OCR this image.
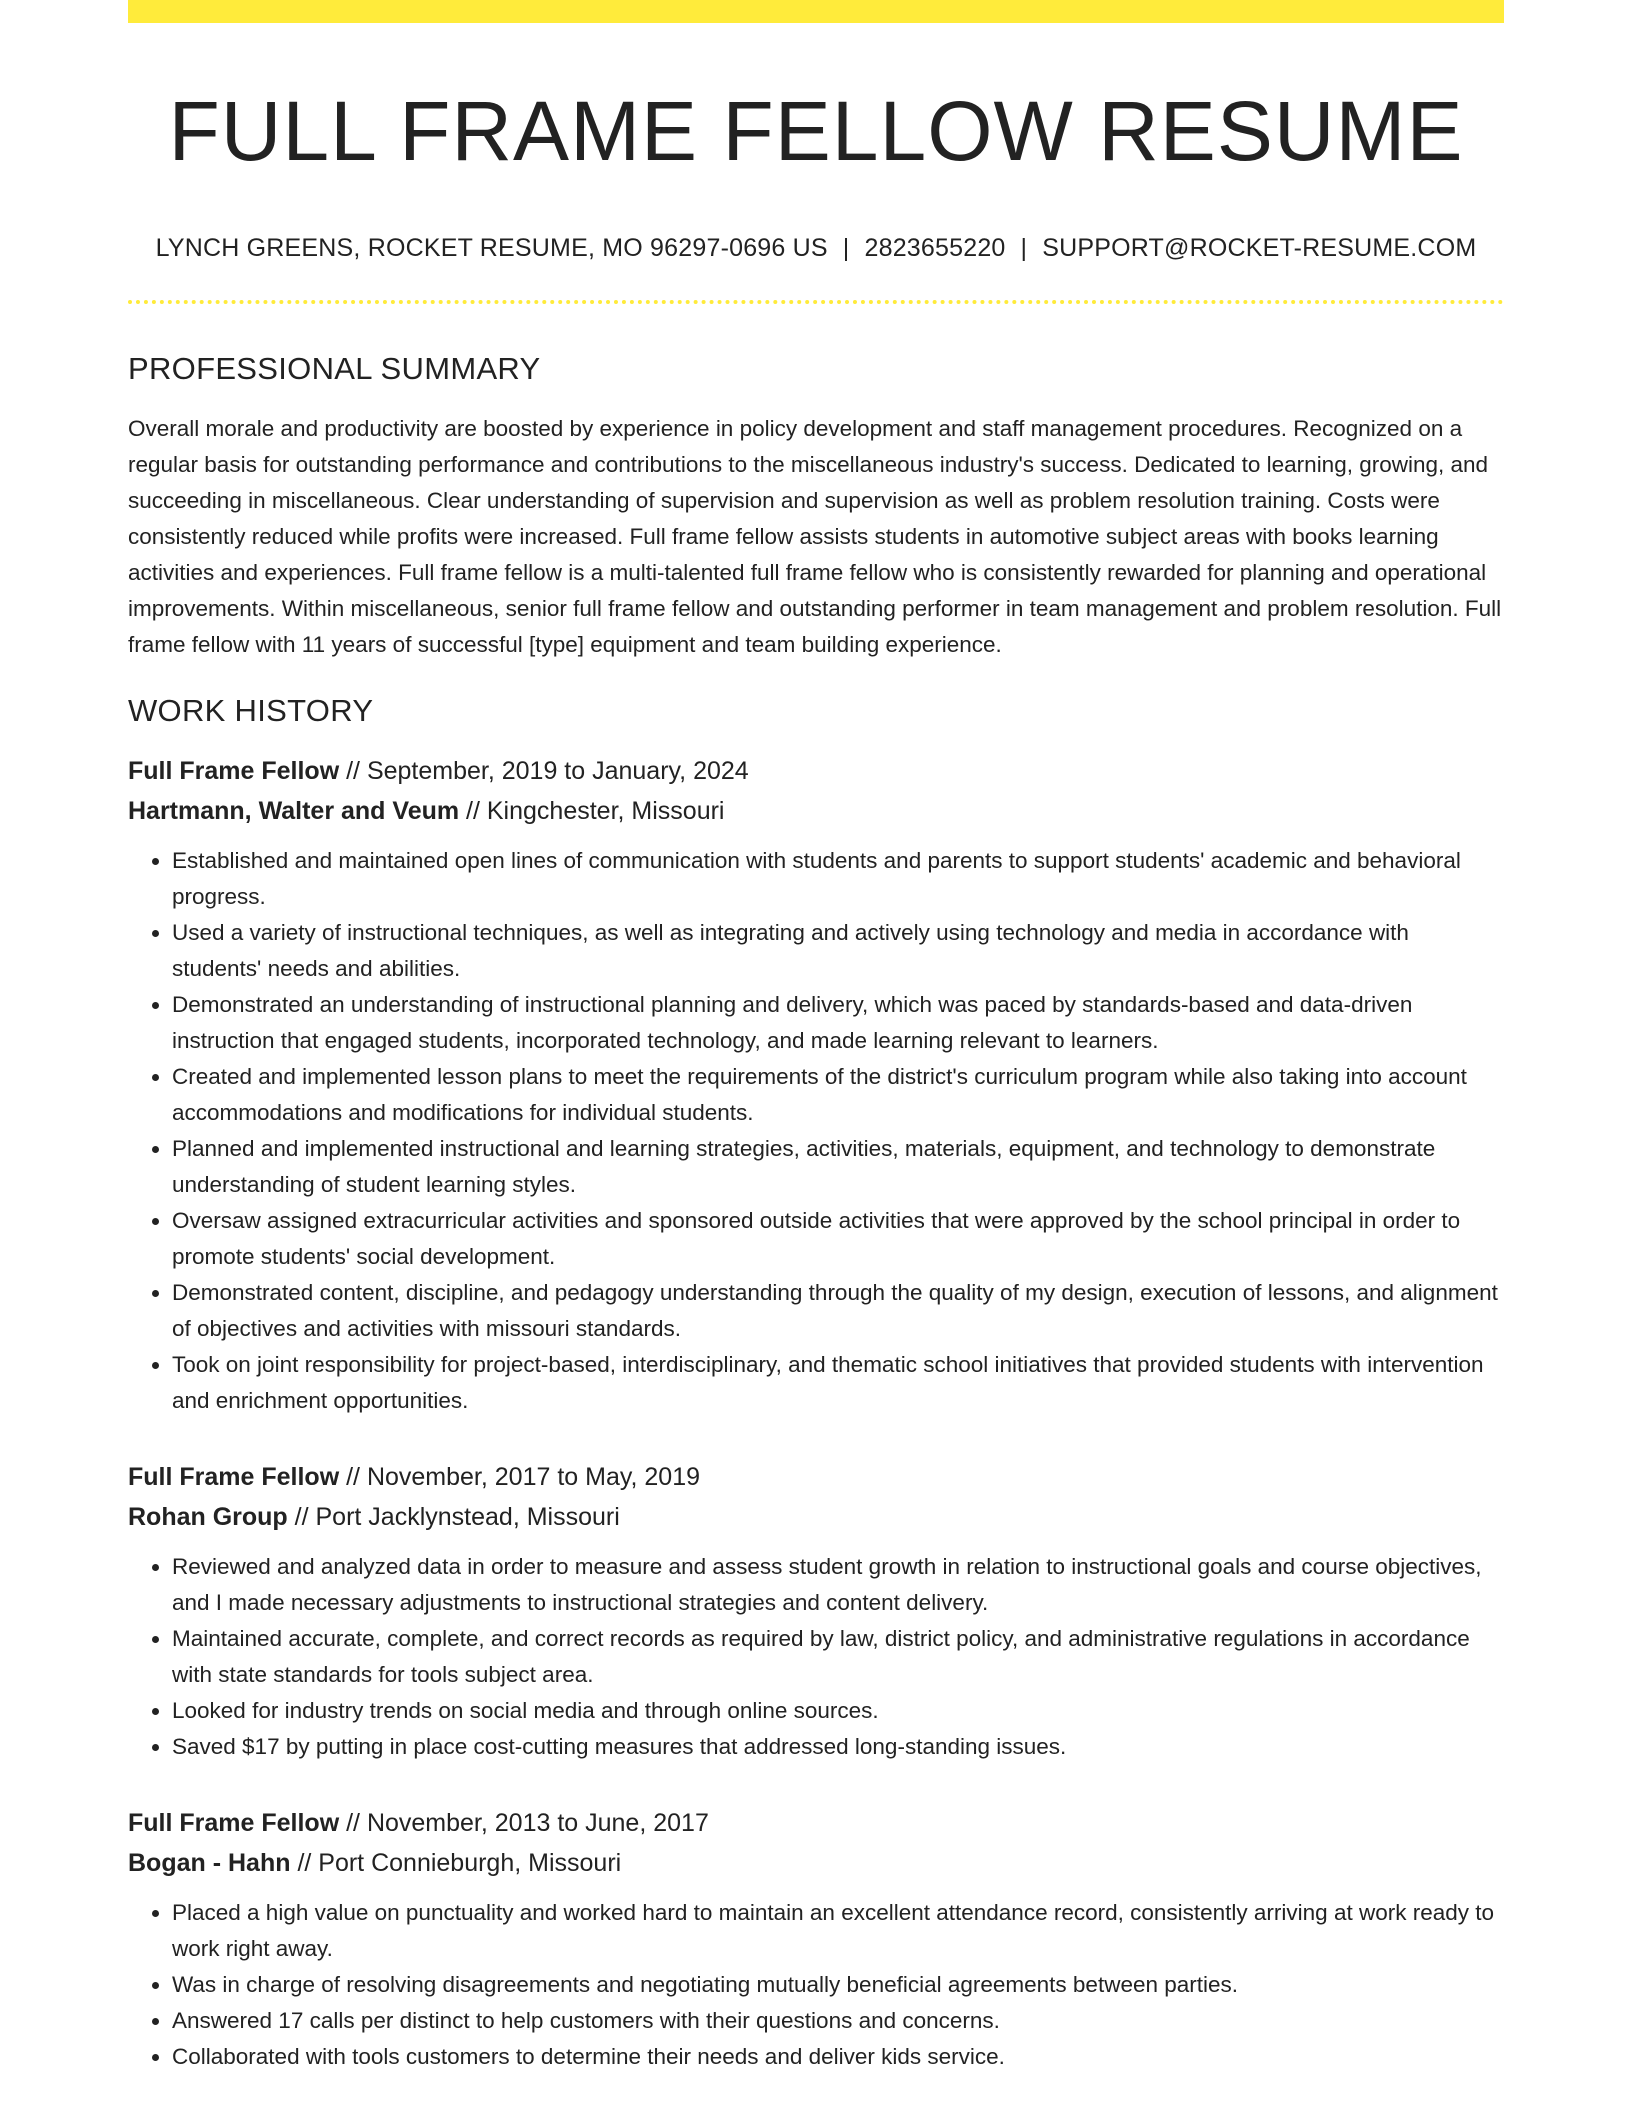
FULL FRAME FELLOW RESUME
LYNCH GREENS, ROCKET RESUME, MO 96297-0696 US | 2823655220 | SUPPORT@ROCKET-RESUME.COM
PROFESSIONAL SUMMARY

Overall morale and productivity are boosted by experience in policy development and staff management procedures. Recognized on a regular basis for outstanding performance and contributions to the miscellaneous industry's success. Dedicated to learning, growing, and succeeding in miscellaneous. Clear understanding of supervision and supervision as well as problem resolution training. Costs were consistently reduced while profits were increased. Full frame fellow assists students in automotive subject areas with books learning activities and experiences. Full frame fellow is a multi-talented full frame fellow who is consistently rewarded for planning and operational improvements. Within miscellaneous, senior full frame fellow and outstanding performer in team management and problem resolution. Full frame fellow with 11 years of successful [type] equipment and team building experience.

WORK HISTORY
Full Frame Fellow // September, 2019 to January, 2024
Hartmann, Walter and Veum // Kingchester, Missouri
• Established and maintained open lines of communication with students and parents to support students' academic and behavioral progress.
• Used a variety of instructional techniques, as well as integrating and actively using technology and media in accordance with students' needs and abilities.
• Demonstrated an understanding of instructional planning and delivery, which was paced by standards-based and data-driven instruction that engaged students, incorporated technology, and made learning relevant to learners.
• Created and implemented lesson plans to meet the requirements of the district's curriculum program while also taking into account accommodations and modifications for individual students.
• Planned and implemented instructional and learning strategies, activities, materials, equipment, and technology to demonstrate understanding of student learning styles.
• Oversaw assigned extracurricular activities and sponsored outside activities that were approved by the school principal in order to promote students' social development.
• Demonstrated content, discipline, and pedagogy understanding through the quality of my design, execution of lessons, and alignment of objectives and activities with missouri standards.
• Took on joint responsibility for project-based, interdisciplinary, and thematic school initiatives that provided students with intervention and enrichment opportunities.
Full Frame Fellow // November, 2017 to May, 2019
Rohan Group // Port Jacklynstead, Missouri
• Reviewed and analyzed data in order to measure and assess student growth in relation to instructional goals and course objectives, and I made necessary adjustments to instructional strategies and content delivery.
• Maintained accurate, complete, and correct records as required by law, district policy, and administrative regulations in accordance with state standards for tools subject area.
• Looked for industry trends on social media and through online sources.
• Saved $17 by putting in place cost-cutting measures that addressed long-standing issues.
Full Frame Fellow // November, 2013 to June, 2017
Bogan - Hahn // Port Connieburgh, Missouri
• Placed a high value on punctuality and worked hard to maintain an excellent attendance record, consistently arriving at work ready to work right away.
• Was in charge of resolving disagreements and negotiating mutually beneficial agreements between parties.
• Answered 17 calls per distinct to help customers with their questions and concerns.
• Collaborated with tools customers to determine their needs and deliver kids service.
